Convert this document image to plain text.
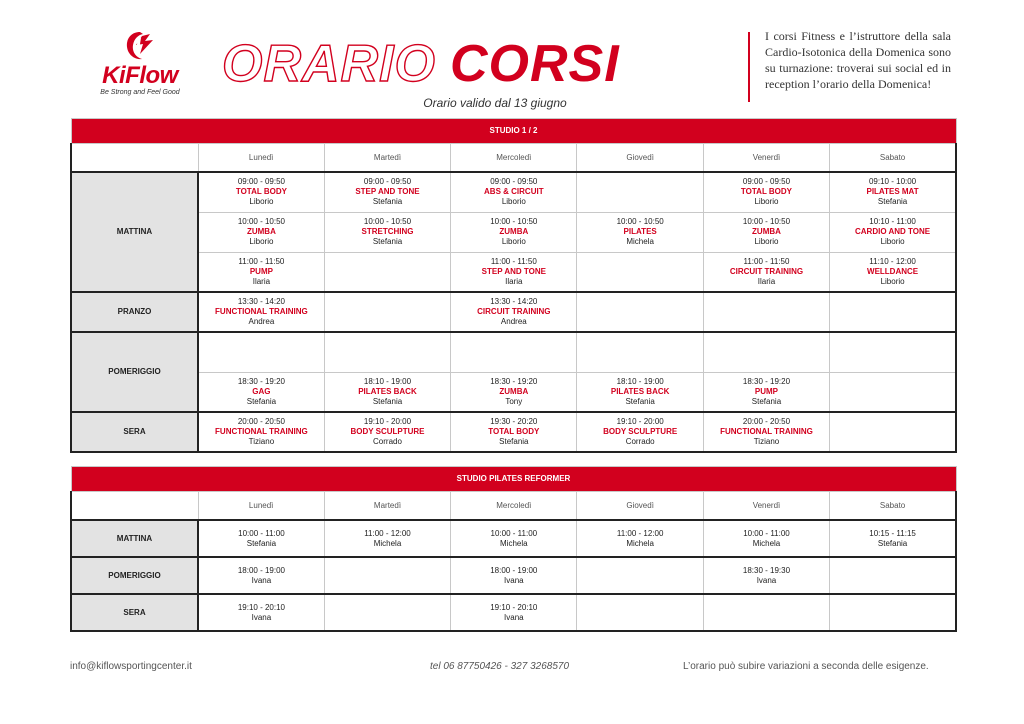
KiFlow
Be Strong and Feel Good ORARIO CORSI
Orario valido dal 13 giugno
I corsi Fitness e l’istruttore della sala Cardio-Isotonica della Domenica sono su turnazione: troverai sui social ed in reception l’orario della Domenica!
STUDIO 1 / 2						
	Lunedì	Martedì	Mercoledì	Giovedì	Venerdì	Sabato
MATTINA	09:00 - 09:50
TOTAL BODY
Liborio	09:00 - 09:50
STEP AND TONE
Stefania	09:00 - 09:50
ABS & CIRCUIT
Liborio		09:00 - 09:50
TOTAL BODY
Liborio	09:10 - 10:00
PILATES MAT
Stefania

	10:00 - 10:50
ZUMBA
Liborio	10:00 - 10:50
STRETCHING
Stefania	10:00 - 10:50
ZUMBA
Liborio	10:00 - 10:50
PILATES
Michela	10:00 - 10:50
ZUMBA
Liborio	10:10 - 11:00
CARDIO AND TONE
Liborio

	11:00 - 11:50
PUMP
Ilaria		11:00 - 11:50
STEP AND TONE
Ilaria		11:00 - 11:50
CIRCUIT TRAINING
Ilaria	11:10 - 12:00
WELLDANCE
Liborio

PRANZO	13:30 - 14:20
FUNCTIONAL TRAINING
Andrea		13:30 - 14:20
CIRCUIT TRAINING
Andrea			

POMERIGGIO						

	18:30 - 19:20
GAG
Stefania	18:10 - 19:00
PILATES BACK
Stefania	18:30 - 19:20
ZUMBA
Tony	18:10 - 19:00
PILATES BACK
Stefania	18:30 - 19:20
PUMP
Stefania	

SERA	20:00 - 20:50
FUNCTIONAL TRAINING
Tiziano	19:10 - 20:00
BODY SCULPTURE
Corrado	19:30 - 20:20
TOTAL BODY
Stefania	19:10 - 20:00
BODY SCULPTURE
Corrado	20:00 - 20:50
FUNCTIONAL TRAINING
Tiziano	

STUDIO PILATES REFORMER						
	Lunedì	Martedì	Mercoledì	Giovedì	Venerdì	Sabato
MATTINA	10:00 - 11:00
Stefania	11:00 - 12:00
Michela	10:00 - 11:00
Michela	11:00 - 12:00
Michela	10:00 - 11:00
Michela	10:15 - 11:15
Stefania

POMERIGGIO	18:00 - 19:00
Ivana		18:00 - 19:00
Ivana		18:30 - 19:30
Ivana	

SERA	19:10 - 20:10
Ivana		19:10 - 20:10
Ivana			

info@kiflowsportingcenter.it	tel 06 87750426 - 327 3268570	L’orario può subire variazioni a seconda delle esigenze.
